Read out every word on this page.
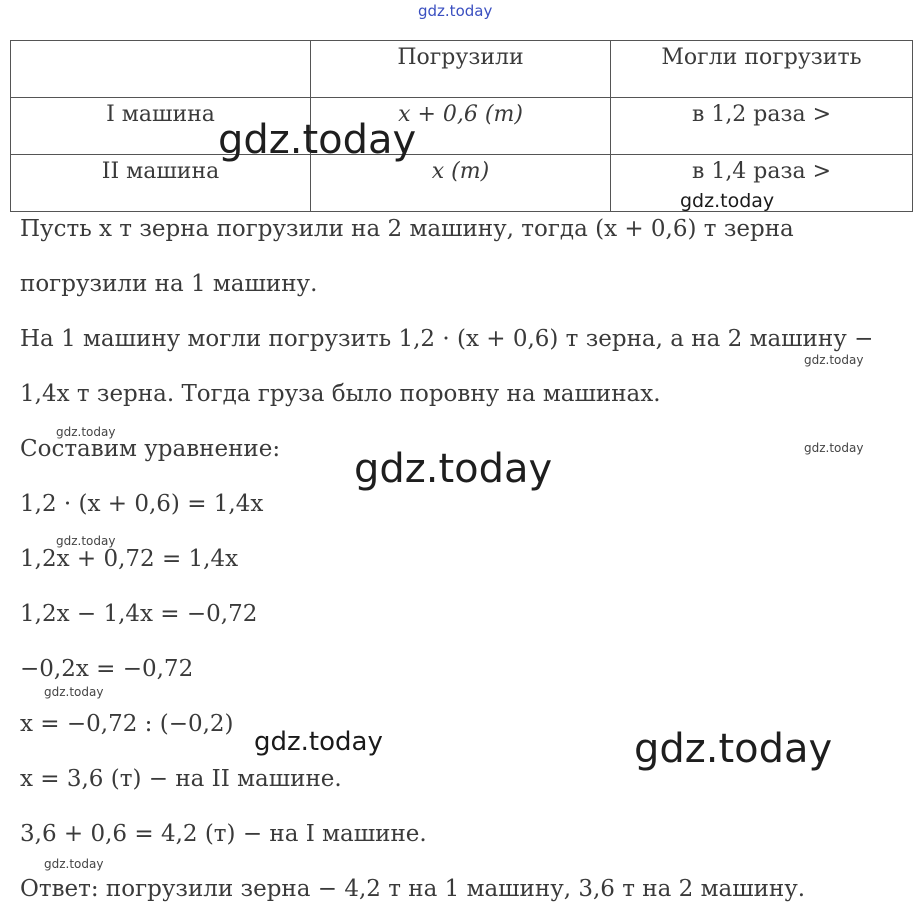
gdz.today
	Погрузили	Могли погрузить
I машина	x + 0,6 (т)	в 1,2 раза >
II машина	x (т)	в 1,4 раза >
Пусть x т зерна погрузили на 2 машину, тогда (x + 0,6) т зерна
погрузили на 1 машину.
На 1 машину могли погрузить 1,2 · (x + 0,6) т зерна, а на 2 машину −
1,4x т зерна. Тогда груза было поровну на машинах.
Составим уравнение:
1,2 · (x + 0,6) = 1,4x
1,2x + 0,72 = 1,4x
1,2x − 1,4x = −0,72
−0,2x = −0,72
x = −0,72 : (−0,2)
x = 3,6 (т) − на II машине.
3,6 + 0,6 = 4,2 (т) − на I машине.
Ответ: погрузили зерна − 4,2 т на 1 машину, 3,6 т на 2 машину.
gdz.today
gdz.today
gdz.today
gdz.today
gdz.today
gdz.today
gdz.today
gdz.today
gdz.today	gdz.today
gdz.today
